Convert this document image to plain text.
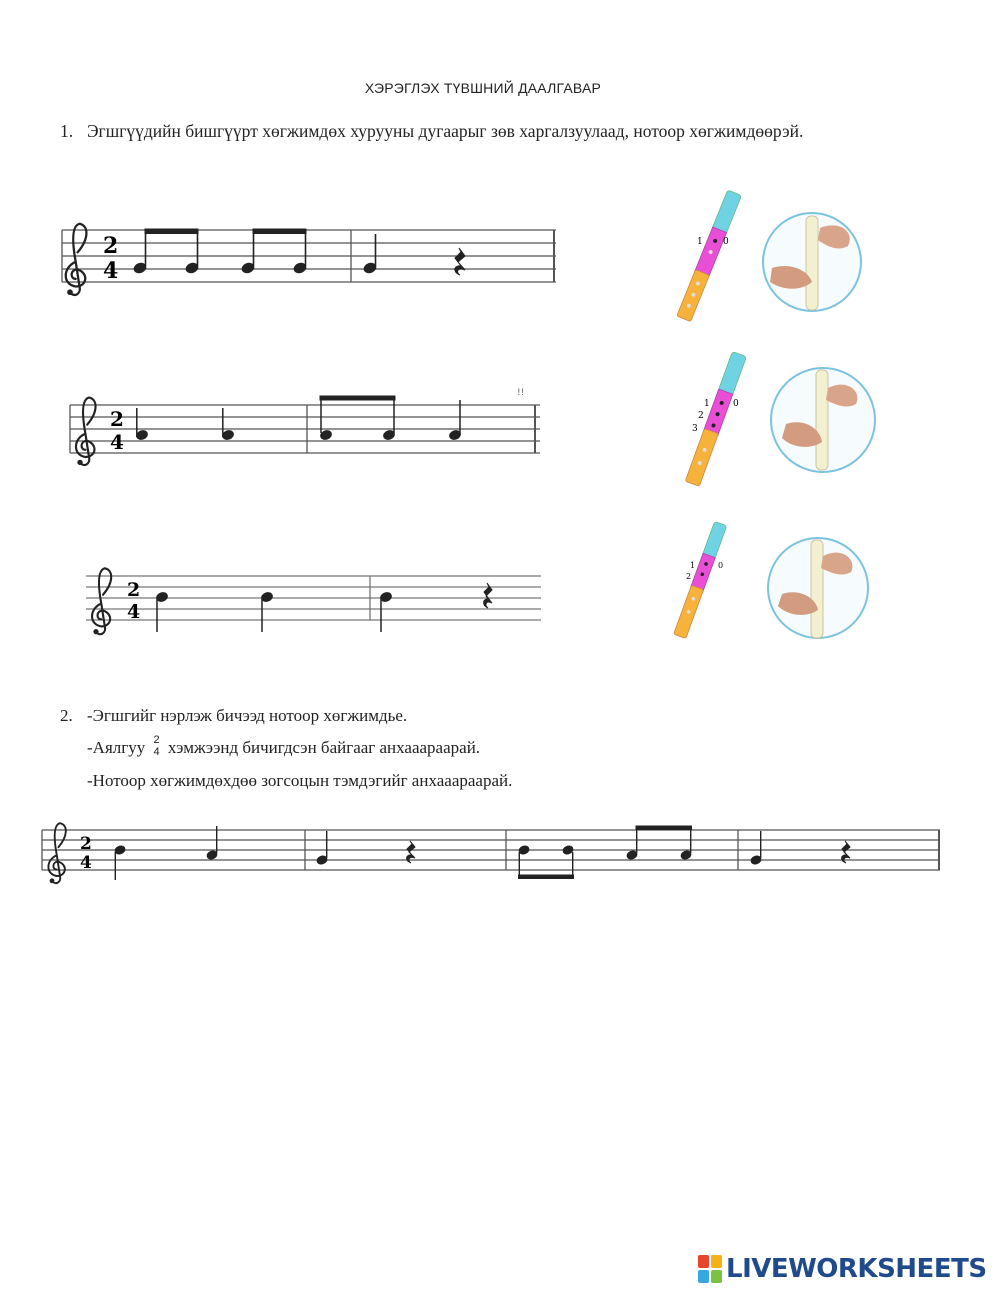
ХЭРЭГЛЭХ ТҮВШНИЙ ДААЛГАВАР
1. Эгшгүүдийн бишгүүрт хөгжимдөх хурууны дугаарыг зөв харгалзуулаад, нотоор хөгжимдөөрэй.
2. -Эгшгийг нэрлэж бичээд нотоор хөгжимдье.
-Аялгуу 2
4 хэмжээнд бичигдсэн байгааг анхааараарай.
-Нотоор хөгжимдөхдөө зогсоцын тэмдэгийг анхааараарай.
2
4
2
4
!!
2
4
2
4
1 0
1
2
3
0
1
2
0
LIVEWORKSHEETS
